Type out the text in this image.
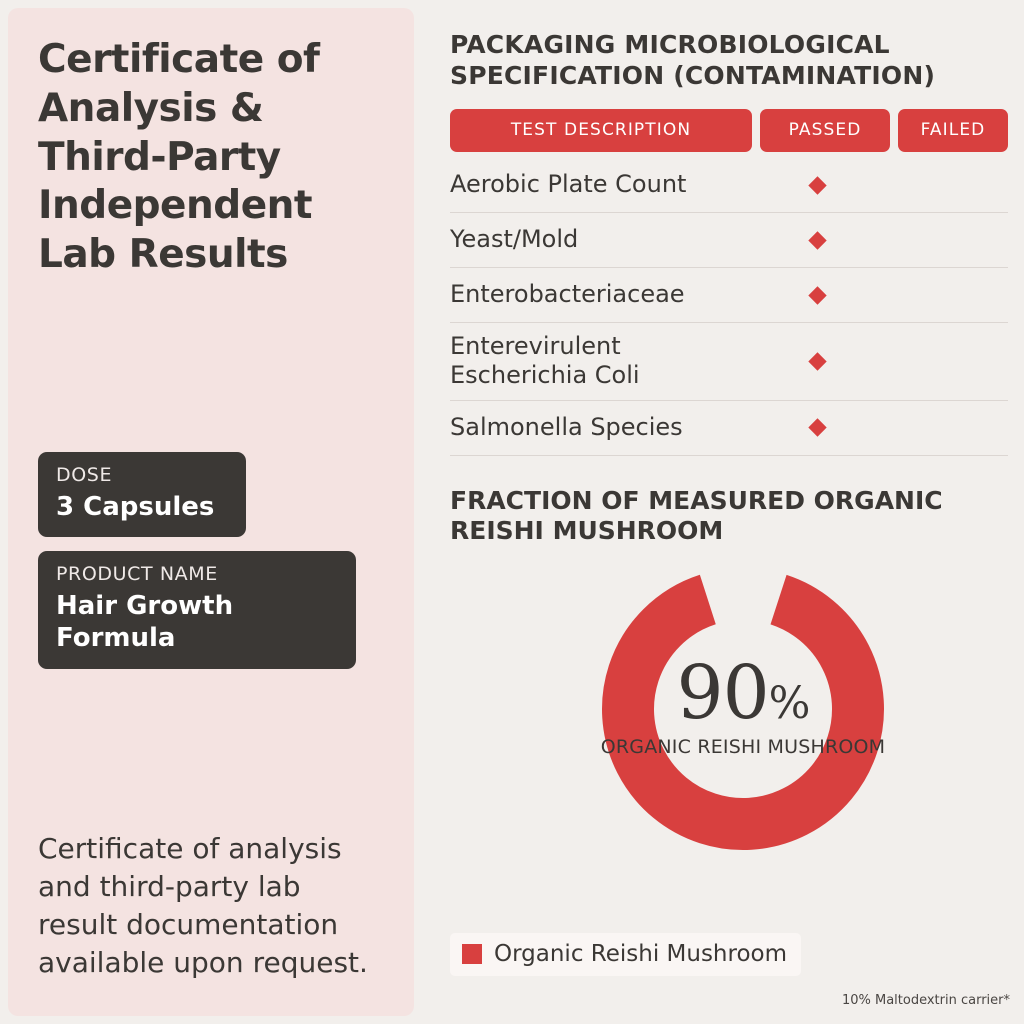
Certificate of Analysis & Third-Party Independent Lab Results
DOSE
3 Capsules

PRODUCT NAME
Hair Growth Formula
Certificate of analysis and third-party lab result documentation available upon request.
PACKAGING MICROBIOLOGICAL SPECIFICATION (CONTAMINATION)
TEST DESCRIPTION	PASSED	FAILED
Aerobic Plate Count
Yeast/Mold
Enterobacteriaceae
Enterevirulent Escherichia Coli
Salmonella Species
FRACTION OF MEASURED ORGANIC REISHI MUSHROOM
90%
ORGANIC REISHI MUSHROOM
Organic Reishi Mushroom
10% Maltodextrin carrier*
